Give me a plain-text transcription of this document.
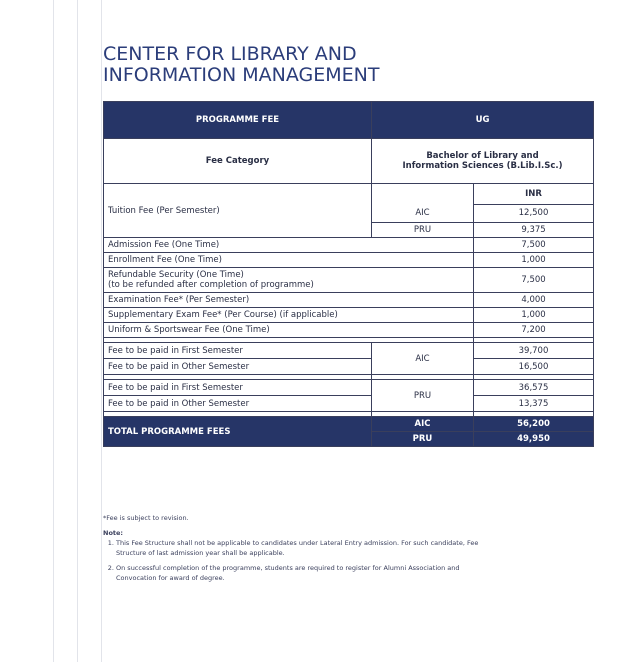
CENTER FOR LIBRARY AND
INFORMATION MANAGEMENT
PROGRAMME FEE	UG	
Fee Category	Bachelor of Library and
Information Sciences (B.Lib.I.Sc.)	

Tuition Fee (Per Semester)		INR
	AIC	12,500
	PRU	9,375
Admission Fee (One Time)		7,500
Enrollment Fee (One Time)		1,000

Refundable Security (One Time)
(to be refunded after completion of programme)		7,500
Examination Fee* (Per Semester)		4,000
Supplementary Exam Fee* (Per Course) (if applicable)		1,000
Uniform & Sportswear Fee (One Time)		7,200

Fee to be paid in First Semester	AIC	39,700
Fee to be paid in Other Semester		16,500

Fee to be paid in First Semester	PRU	36,575
Fee to be paid in Other Semester		13,375

TOTAL PROGRAMME FEES	AIC	56,200
	PRU	49,950

*Fee is subject to revision.

Note:

1. This Fee Structure shall not be applicable to candidates under Lateral Entry admission. For such candidate, Fee
Structure of last admission year shall be applicable.
2. On successful completion of the programme, students are required to register for Alumni Association and
Convocation for award of degree.
